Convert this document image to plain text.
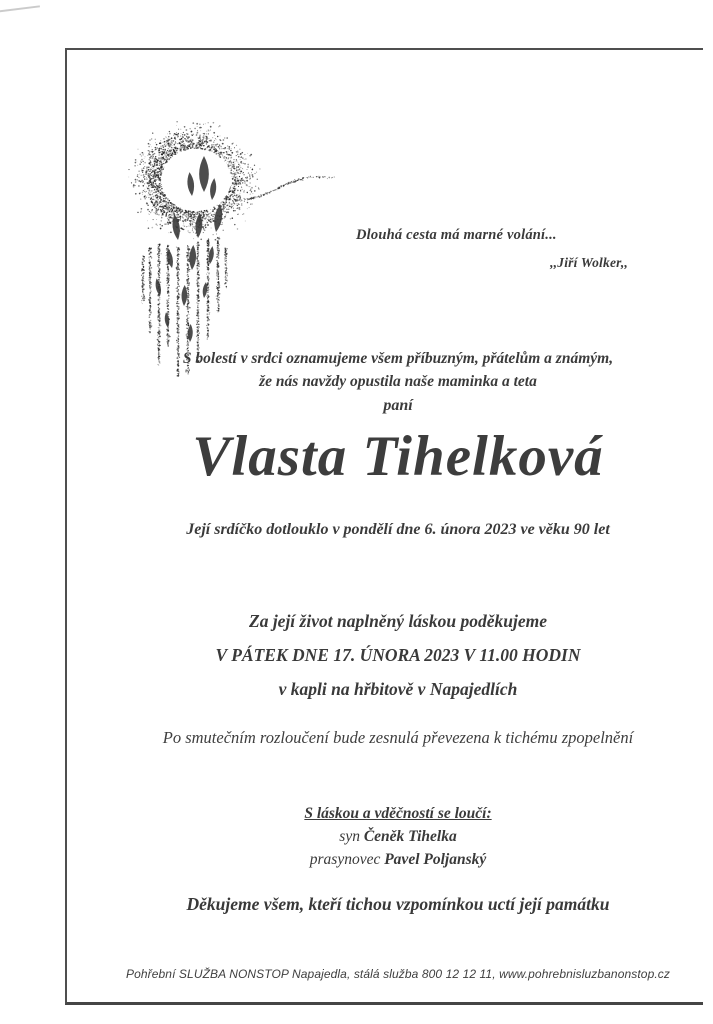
Dlouhá cesta má marné volání...
,,Jiří Wolker,,
S bolestí v srdci oznamujeme všem příbuzným, přátelům a známým,
že nás navždy opustila naše maminka a teta
paní
Vlasta Tihelková
Její srdíčko dotlouklo v pondělí dne 6. února 2023 ve věku 90 let
Za její život naplněný láskou poděkujeme
V PÁTEK DNE 17. ÚNORA 2023 V 11.00 HODIN
v kapli na hřbitově v Napajedlích
Po smutečním rozloučení bude zesnulá převezena k tichému zpopelnění
S láskou a vděčností se loučí:
syn Čeněk Tihelka
prasynovec Pavel Poljanský
Děkujeme všem, kteří tichou vzpomínkou uctí její památku
Pohřební SLUŽBA NONSTOP Napajedla, stálá služba 800 12 12 11, www.pohrebnisluzbanonstop.cz
